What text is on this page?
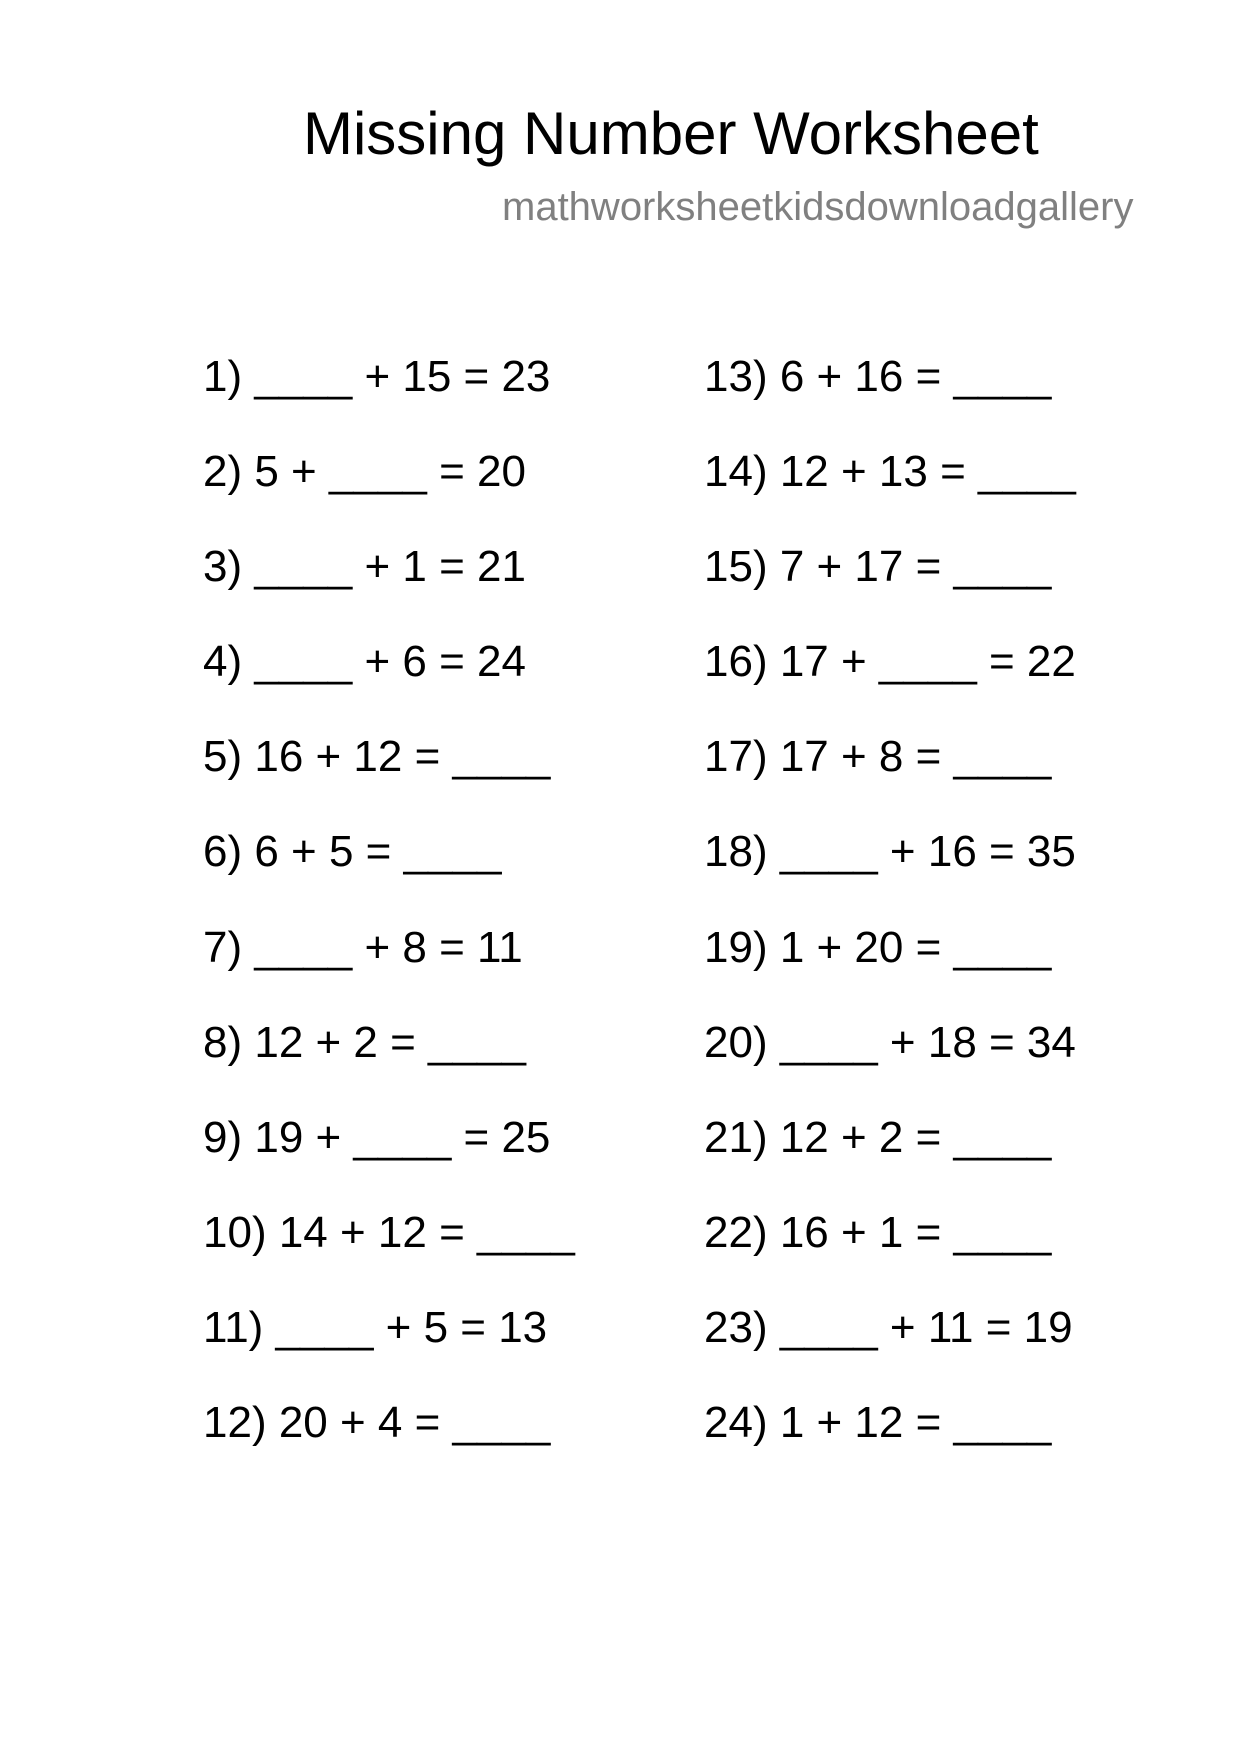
Missing Number Worksheet
mathworksheetkidsdownloadgallery
1) ____ + 15 = 23
2) 5 + ____ = 20
3) ____ + 1 = 21
4) ____ + 6 = 24
5) 16 + 12 = ____
6) 6 + 5 = ____
7) ____ + 8 = 11
8) 12 + 2 = ____
9) 19 + ____ = 25
10) 14 + 12 = ____
11) ____ + 5 = 13
12) 20 + 4 = ____
13) 6 + 16 = ____
14) 12 + 13 = ____
15) 7 + 17 = ____
16) 17 + ____ = 22
17) 17 + 8 = ____
18) ____ + 16 = 35
19) 1 + 20 = ____
20) ____ + 18 = 34
21) 12 + 2 = ____
22) 16 + 1 = ____
23) ____ + 11 = 19
24) 1 + 12 = ____
